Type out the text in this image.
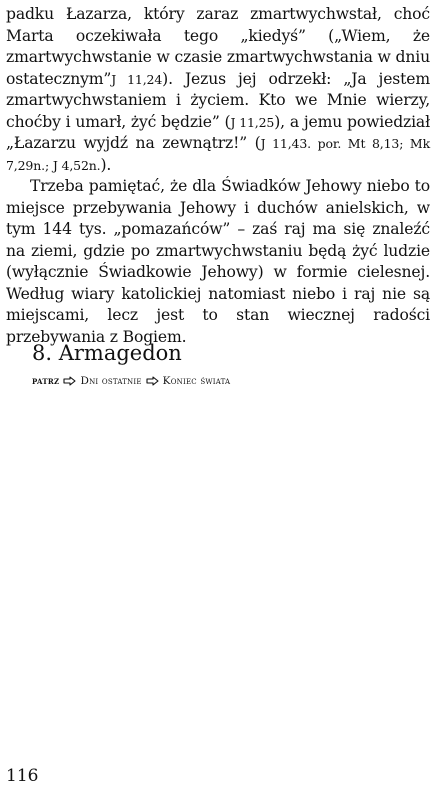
padku Łazarza, który zaraz zmartwychwstał, choć Marta oczekiwała tego „kiedyś” („Wiem, że zmartwychwstanie w czasie zmartwychwstania w dniu ostatecznym”J 11,24). Jezus jej odrzekł: „Ja jestem zmartwychwstaniem i życiem. Kto we Mnie wierzy, choćby i umarł, żyć będzie” (J 11,25), a jemu powiedział „Łazarzu wyjdź na zewnątrz!” (J 11,43. por. Mt 8,13; Mk 7,29n.; J 4,52n.).

Trzeba pamiętać, że dla Świadków Jehowy niebo to miejsce przebywania Jehowy i duchów anielskich, w tym 144 tys. „pomazańców” – zaś raj ma się znaleźć na ziemi, gdzie po zmartwychwstaniu będą żyć ludzie (wyłącznie Świadkowie Jehowy) w formie cielesnej. Według wiary katolickiej natomiast niebo i raj nie są miejscami, lecz jest to stan wiecznej radości przebywania z Bogiem.

8. Armagedon
patrz Dni ostatnie Koniec świata
116
